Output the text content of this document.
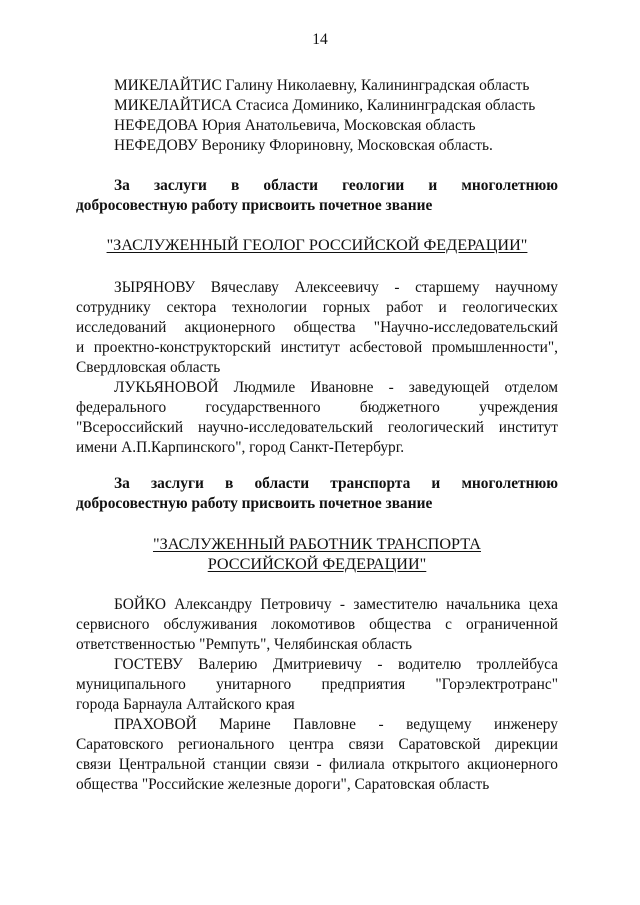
14
МИКЕЛАЙТИС Галину Николаевну, Калининградская область
МИКЕЛАЙТИСА Стасиса Доминико, Калининградская область
НЕФЕДОВА Юрия Анатольевича, Московская область
НЕФЕДОВУ Веронику Флориновну, Московская область.
За заслуги в области геологии и многолетнюю
добросовестную работу присвоить почетное звание
"ЗАСЛУЖЕННЫЙ ГЕОЛОГ РОССИЙСКОЙ ФЕДЕРАЦИИ"
ЗЫРЯНОВУ Вячеславу Алексеевичу - старшему научному
сотруднику сектора технологии горных работ и геологических
исследований акционерного общества "Научно-исследовательский
и проектно-конструкторский институт асбестовой промышленности",
Свердловская область
ЛУКЬЯНОВОЙ Людмиле Ивановне - заведующей отделом
федерального государственного бюджетного учреждения
"Всероссийский научно-исследовательский геологический институт
имени А.П.Карпинского", город Санкт-Петербург.
За заслуги в области транспорта и многолетнюю
добросовестную работу присвоить почетное звание
"ЗАСЛУЖЕННЫЙ РАБОТНИК ТРАНСПОРТА
РОССИЙСКОЙ ФЕДЕРАЦИИ"
БОЙКО Александру Петровичу - заместителю начальника цеха
сервисного обслуживания локомотивов общества с ограниченной
ответственностью "Ремпуть", Челябинская область
ГОСТЕВУ Валерию Дмитриевичу - водителю троллейбуса
муниципального унитарного предприятия "Горэлектротранс"
города Барнаула Алтайского края
ПРАХОВОЙ Марине Павловне - ведущему инженеру
Саратовского регионального центра связи Саратовской дирекции
связи Центральной станции связи - филиала открытого акционерного
общества "Российские железные дороги", Саратовская область
